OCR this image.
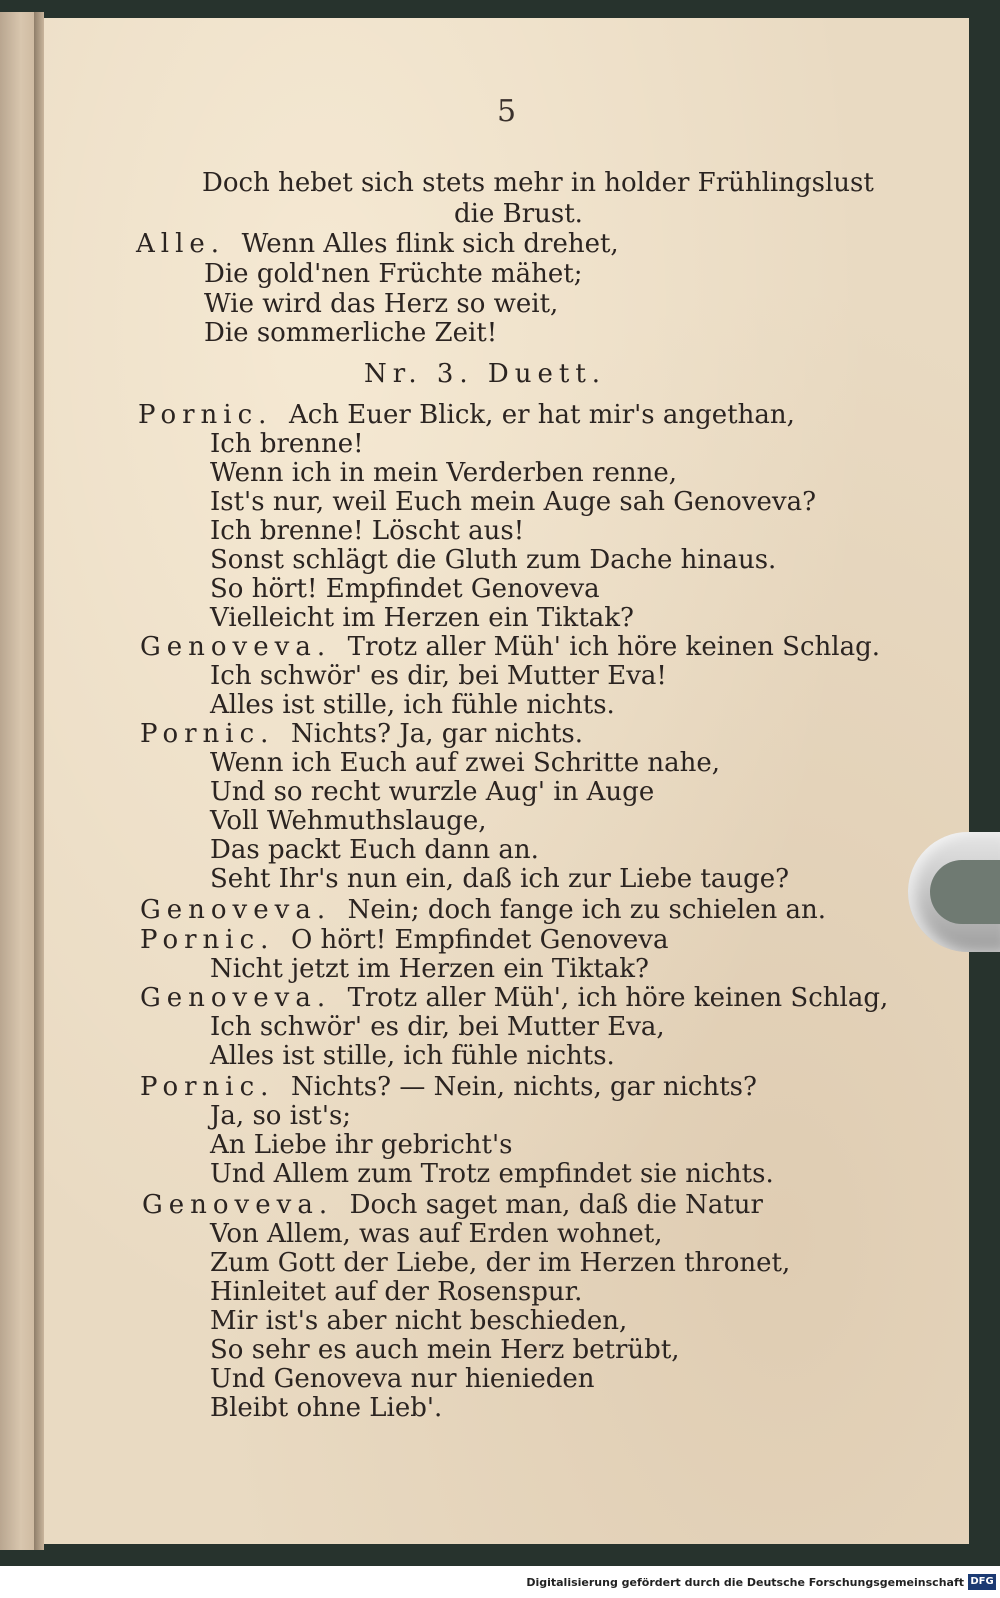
5
Doch hebet sich stets mehr in holder Frühlingslust
die Brust.
Alle. Wenn Alles flink sich drehet,
Die gold'nen Früchte mähet;
Wie wird das Herz so weit,
Die sommerliche Zeit!
Nr. 3. Duett.
Pornic. Ach Euer Blick, er hat mir's angethan,
Ich brenne!
Wenn ich in mein Verderben renne,
Ist's nur, weil Euch mein Auge sah Genoveva?
Ich brenne! Löscht aus!
Sonst schlägt die Gluth zum Dache hinaus.
So hört! Empfindet Genoveva
Vielleicht im Herzen ein Tiktak?
Genoveva. Trotz aller Müh' ich höre keinen Schlag.
Ich schwör' es dir, bei Mutter Eva!
Alles ist stille, ich fühle nichts.
Pornic. Nichts? Ja, gar nichts.
Wenn ich Euch auf zwei Schritte nahe,
Und so recht wurzle Aug' in Auge
Voll Wehmuthslauge,
Das packt Euch dann an.
Seht Ihr's nun ein, daß ich zur Liebe tauge?
Genoveva. Nein; doch fange ich zu schielen an.
Pornic. O hört! Empfindet Genoveva
Nicht jetzt im Herzen ein Tiktak?
Genoveva. Trotz aller Müh', ich höre keinen Schlag,
Ich schwör' es dir, bei Mutter Eva,
Alles ist stille, ich fühle nichts.
Pornic. Nichts? — Nein, nichts, gar nichts?
Ja, so ist's;
An Liebe ihr gebricht's
Und Allem zum Trotz empfindet sie nichts.
Genoveva. Doch saget man, daß die Natur
Von Allem, was auf Erden wohnet,
Zum Gott der Liebe, der im Herzen thronet,
Hinleitet auf der Rosenspur.
Mir ist's aber nicht beschieden,
So sehr es auch mein Herz betrübt,
Und Genoveva nur hienieden
Bleibt ohne Lieb'.
Digitalisierung gefördert durch die Deutsche Forschungsgemeinschaft DFG
